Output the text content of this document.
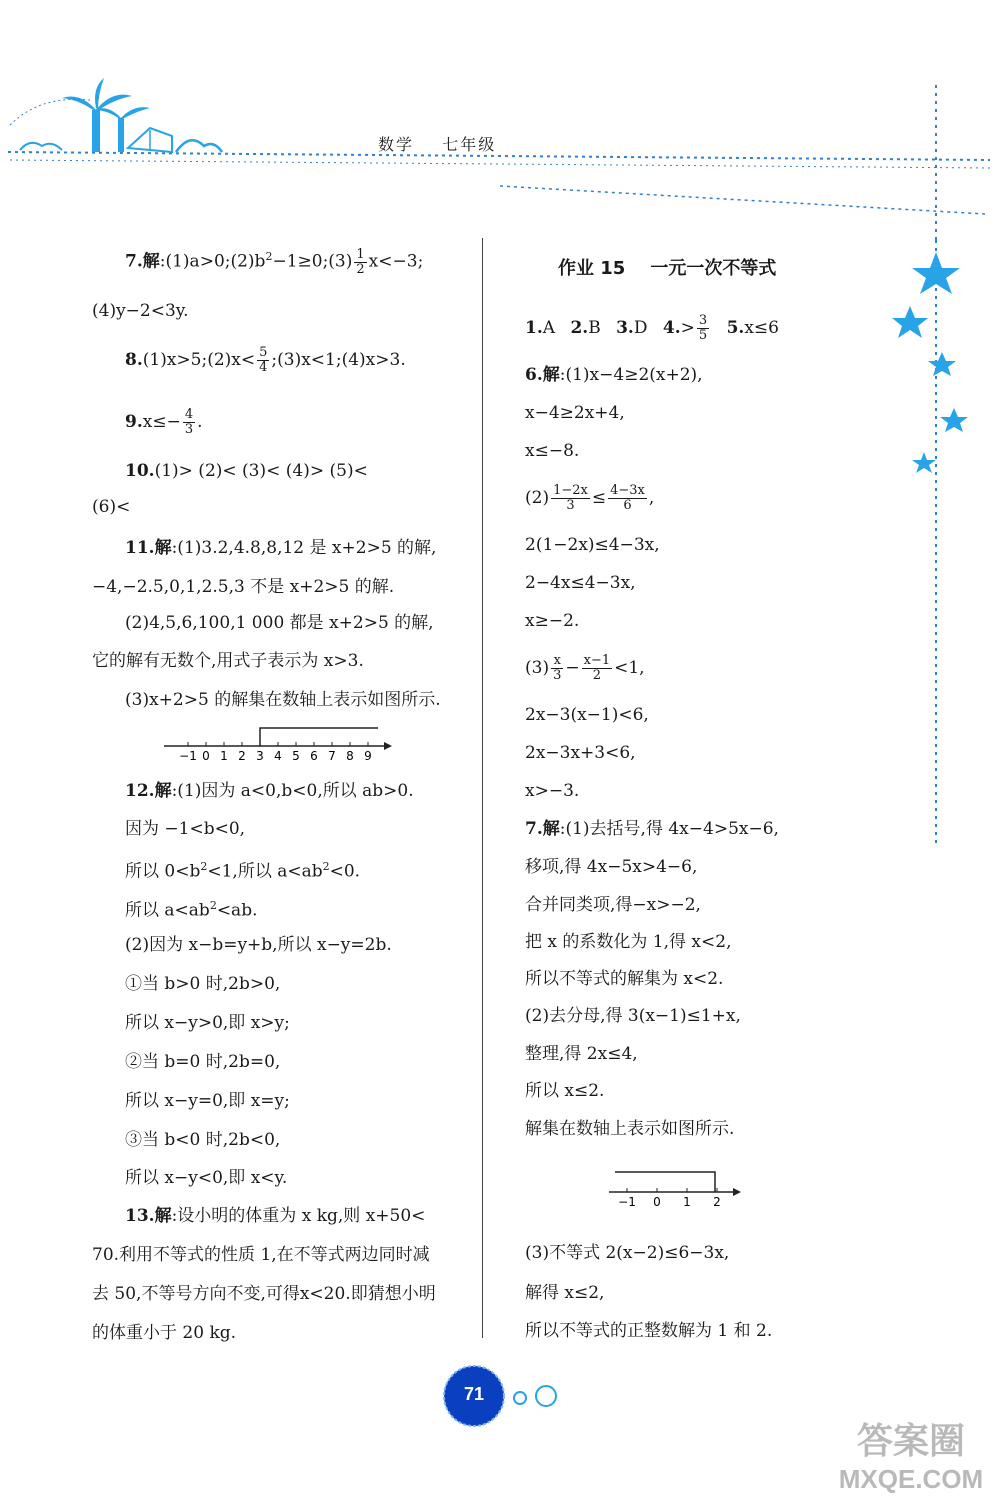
数学 七年级
7.解$:(1)a>0;(2)b^2-1\ge 0;(3) \frac{1}{2} x<-3$;
(4)y−2<3y.
8.(1)x>5;(2)x< $\frac{5}{4}$ ;(3)x<1;(4)x>3.
$9.x\le- \frac{4}{3}$ .
10.(1)> (2)< (3)< (4)> (5)<
(6)<
11.解:(1)3.2,4.8,8,12 是 x+2>5 的解,
−4,−2.5,0,1,2.5,3 不是 x+2>5 的解.
(2)4,5,6,100,1 000 都是 x+2>5 的解,
它的解有无数个,用式子表示为 x>3.
(3)x+2>5 的解集在数轴上表示如图所示.
−1 0 1 2 3 4 5 6 7 8 9
12.解:(1)因为 a<0,b<0,所以 ab>0.
因为 −1<b<0,
所以 $0<b^2<1$,所以 $a<ab^2<0$.
所以 $a<ab^2<ab$.
(2)因为 x−b=y+b,所以 x−y=2b.
①当 b>0 时,2b>0,
所以 x−y>0,即 x>y;
②当 b=0 时,2b=0,
所以 x−y=0,即 x=y;
③当 b<0 时,2b<0,
所以 x−y<0,即 x<y.
13.解:设小明的体重为 x kg,则 x+50<
70.利用不等式的性质 1,在不等式两边同时减
去 50,不等号方向不变,可得x<20.即猜想小明
的体重小于 20 kg.
作业 15    一元一次不等式
1.A 2.B 3.D $4.> \frac{3}{5} 5.x\le 6$
6.解:(1)x−4≥2(x+2),
x−4≥2x+4,
x≤−8.
$(2) \frac{1-2x}{3} \le \frac{4-3x}{6}$ ,
2(1−2x)≤4−3x,
2−4x≤4−3x,
x≥−2.
$(3) \frac{x}{3} - \frac{x-1}{2} <1$,
2x−3(x−1)<6,
2x−3x+3<6,
x>−3.
7.解:(1)去括号,得 4x−4>5x−6,
移项,得 4x−5x>4−6,
合并同类项,得−x>−2,
把 x 的系数化为 1,得 x<2,
所以不等式的解集为 x<2.
(2)去分母,得 3(x−1)≤1+x,
整理,得 2x≤4,
所以 x≤2.
解集在数轴上表示如图所示.
−1 0 1 2
(3)不等式 2(x−2)≤6−3x,
解得 x≤2,
所以不等式的正整数解为 1 和 2.
71
答案圈
MXQE.COM
